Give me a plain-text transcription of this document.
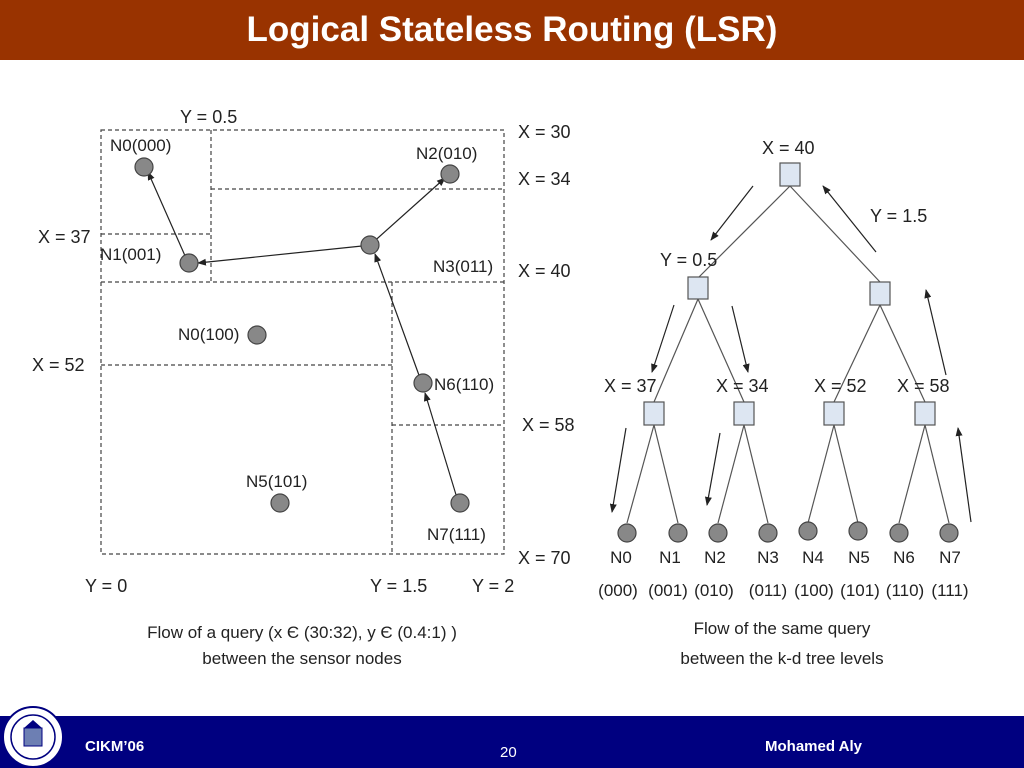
Logical Stateless Routing (LSR)
N0(000)	N2(010)
N1(001)
N3(011)
N0(100)
N6(110)
N5(101)
N7(111)
Y = 0.5
X = 30
X = 34
X = 37
X = 40
X = 52
X = 58
X = 70
Y = 0	Y = 1.5 Y = 2
Flow of a query (x Є (30:32), y Є (0.4:1) )
between the sensor nodes
X = 40
Y = 0.5
Y = 1.5
X = 37	X = 34	X = 52 X = 58
N0 N1 N2 N3 N4 N5 N6 N7
(000) (001) (010) (011) (100) (101) (110) (111)
Flow of the same query
between the k-d tree levels
CIKM’06	20	Mohamed Aly
